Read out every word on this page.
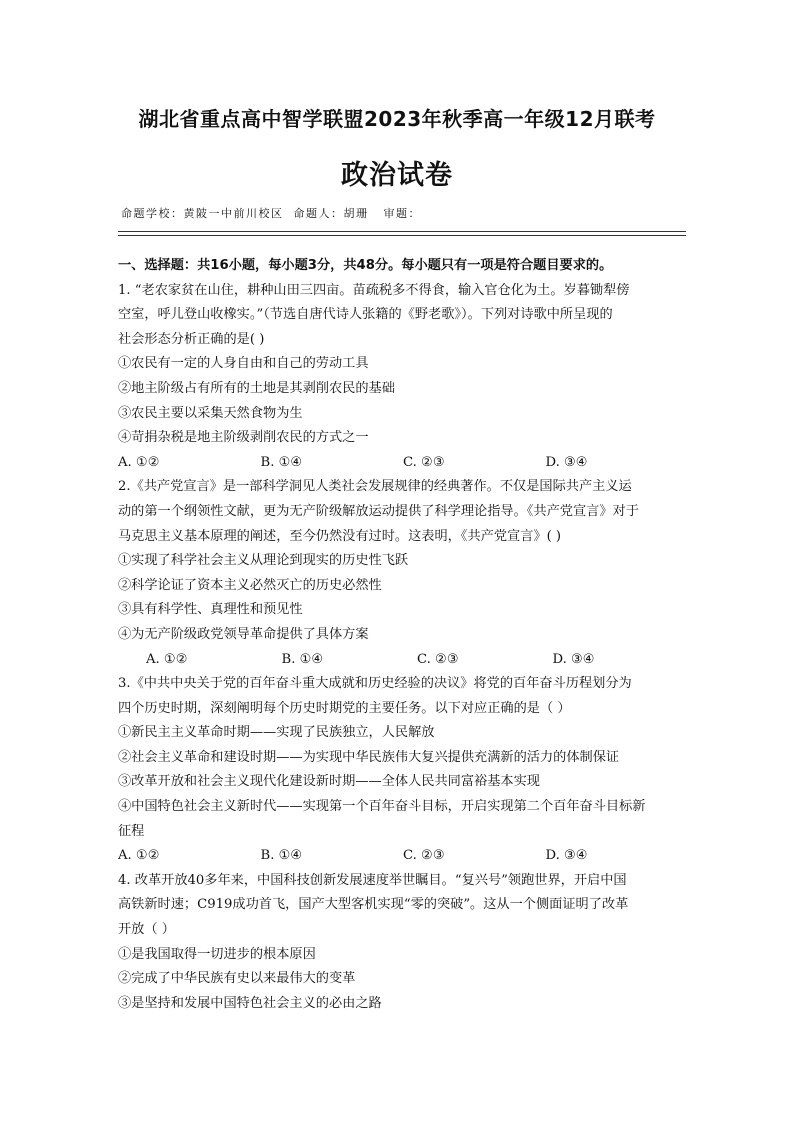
湖北省重点高中智学联盟2023年秋季高一年级12月联考
政治试卷
命题学校：黄陂一中前川校区  命题人：胡珊   审题：
一、选择题：共16小题，每小题3分，共48分。每小题只有一项是符合题目要求的。
1. “老农家贫在山住，耕种山田三四亩。苗疏税多不得食，输入官仓化为土。岁暮锄犁傍
空室，呼儿登山收橡实。”（节选自唐代诗人张籍的《野老歌》）。下列对诗歌中所呈现的
社会形态分析正确的是( )
①农民有一定的人身自由和自己的劳动工具
②地主阶级占有所有的土地是其剥削农民的基础
③农民主要以采集天然食物为生
④苛捐杂税是地主阶级剥削农民的方式之一
A. ①②	B. ①④	C. ②③	D. ③④
2.《共产党宣言》是一部科学洞见人类社会发展规律的经典著作。不仅是国际共产主义运
动的第一个纲领性文献，更为无产阶级解放运动提供了科学理论指导。《共产党宣言》对于
马克思主义基本原理的阐述，至今仍然没有过时。这表明，《共产党宣言》( )
①实现了科学社会主义从理论到现实的历史性飞跃
②科学论证了资本主义必然灭亡的历史必然性
③具有科学性、真理性和预见性
④为无产阶级政党领导革命提供了具体方案
A. ①②	B. ①④	C. ②③	D. ③④
3.《中共中央关于党的百年奋斗重大成就和历史经验的决议》将党的百年奋斗历程划分为
四个历史时期，深刻阐明每个历史时期党的主要任务。以下对应正确的是（ ）
①新民主主义革命时期——实现了民族独立，人民解放
②社会主义革命和建设时期——为实现中华民族伟大复兴提供充满新的活力的体制保证
③改革开放和社会主义现代化建设新时期——全体人民共同富裕基本实现
④中国特色社会主义新时代——实现第一个百年奋斗目标，开启实现第二个百年奋斗目标新
征程
A. ①②	B. ①④	C. ②③	D. ③④
4. 改革开放40多年来，中国科技创新发展速度举世瞩目。“复兴号”领跑世界，开启中国
高铁新时速；C919成功首飞，国产大型客机实现“零的突破”。这从一个侧面证明了改革
开放（ ）
①是我国取得一切进步的根本原因
②完成了中华民族有史以来最伟大的变革
③是坚持和发展中国特色社会主义的必由之路
